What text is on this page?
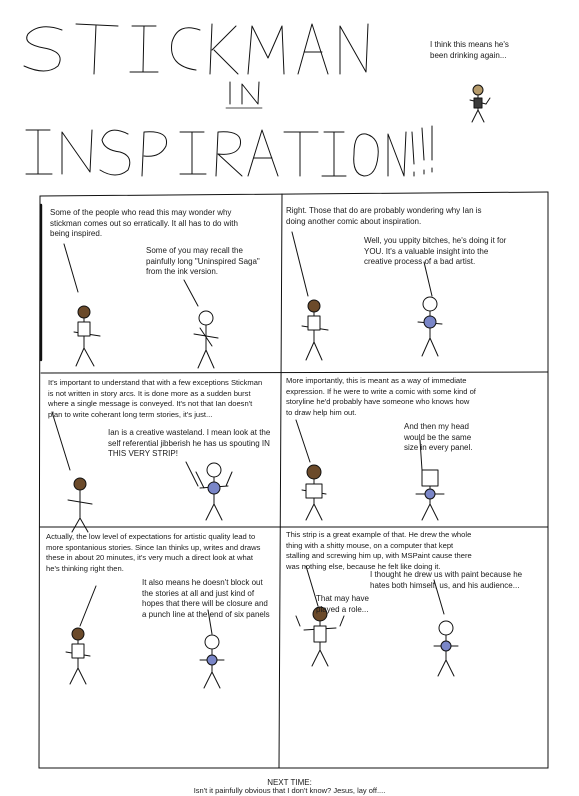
I think this means he's
been drinking again...
Some of the people who read this may wonder why
stickman comes out so erratically. It all has to do with
being inspired.
Some of you may recall the
painfully long "Uninspired Saga"
from the ink version.
Right. Those that do are probably wondering why Ian is
doing another comic about inspiration.
Well, you uppity bitches, he's doing it for
YOU. It's a valuable insight into the
creative process of a bad artist.
It's important to understand that with a few exceptions Stickman
is not written in story arcs. It is done more as a sudden burst
where a single message is conveyed. It's not that Ian doesn't
plan to write coherant long term stories, it's just...
Ian is a creative wasteland. I mean look at the
self referential jibberish he has us spouting IN
THIS VERY STRIP!
More importantly, this is meant as a way of immediate
expression. If he were to write a comic with some kind of
storyline he'd probably have someone who knows how
to draw help him out.
And then my head
would be the same
size in every panel.
Actually, the low level of expectations for artistic quality lead to
more spontanious stories. Since Ian thinks up, writes and draws
these in about 20 minutes, it's very much a direct look at what
he's thinking right then.
It also means he doesn't block out
the stories at all and just kind of
hopes that there will be closure and
a punch line at the end of six panels
This strip is a great example of that. He drew the whole
thing with a shitty mouse, on a computer that kept
stalling and screwing him up, with MSPaint cause there
was nothing else, because he felt like doing it.
I thought he drew us with paint because he
hates both himself, us, and his audience...
That may have
played a role...
NEXT TIME:
Isn't it painfully obvious that I don't know? Jesus, lay off....
